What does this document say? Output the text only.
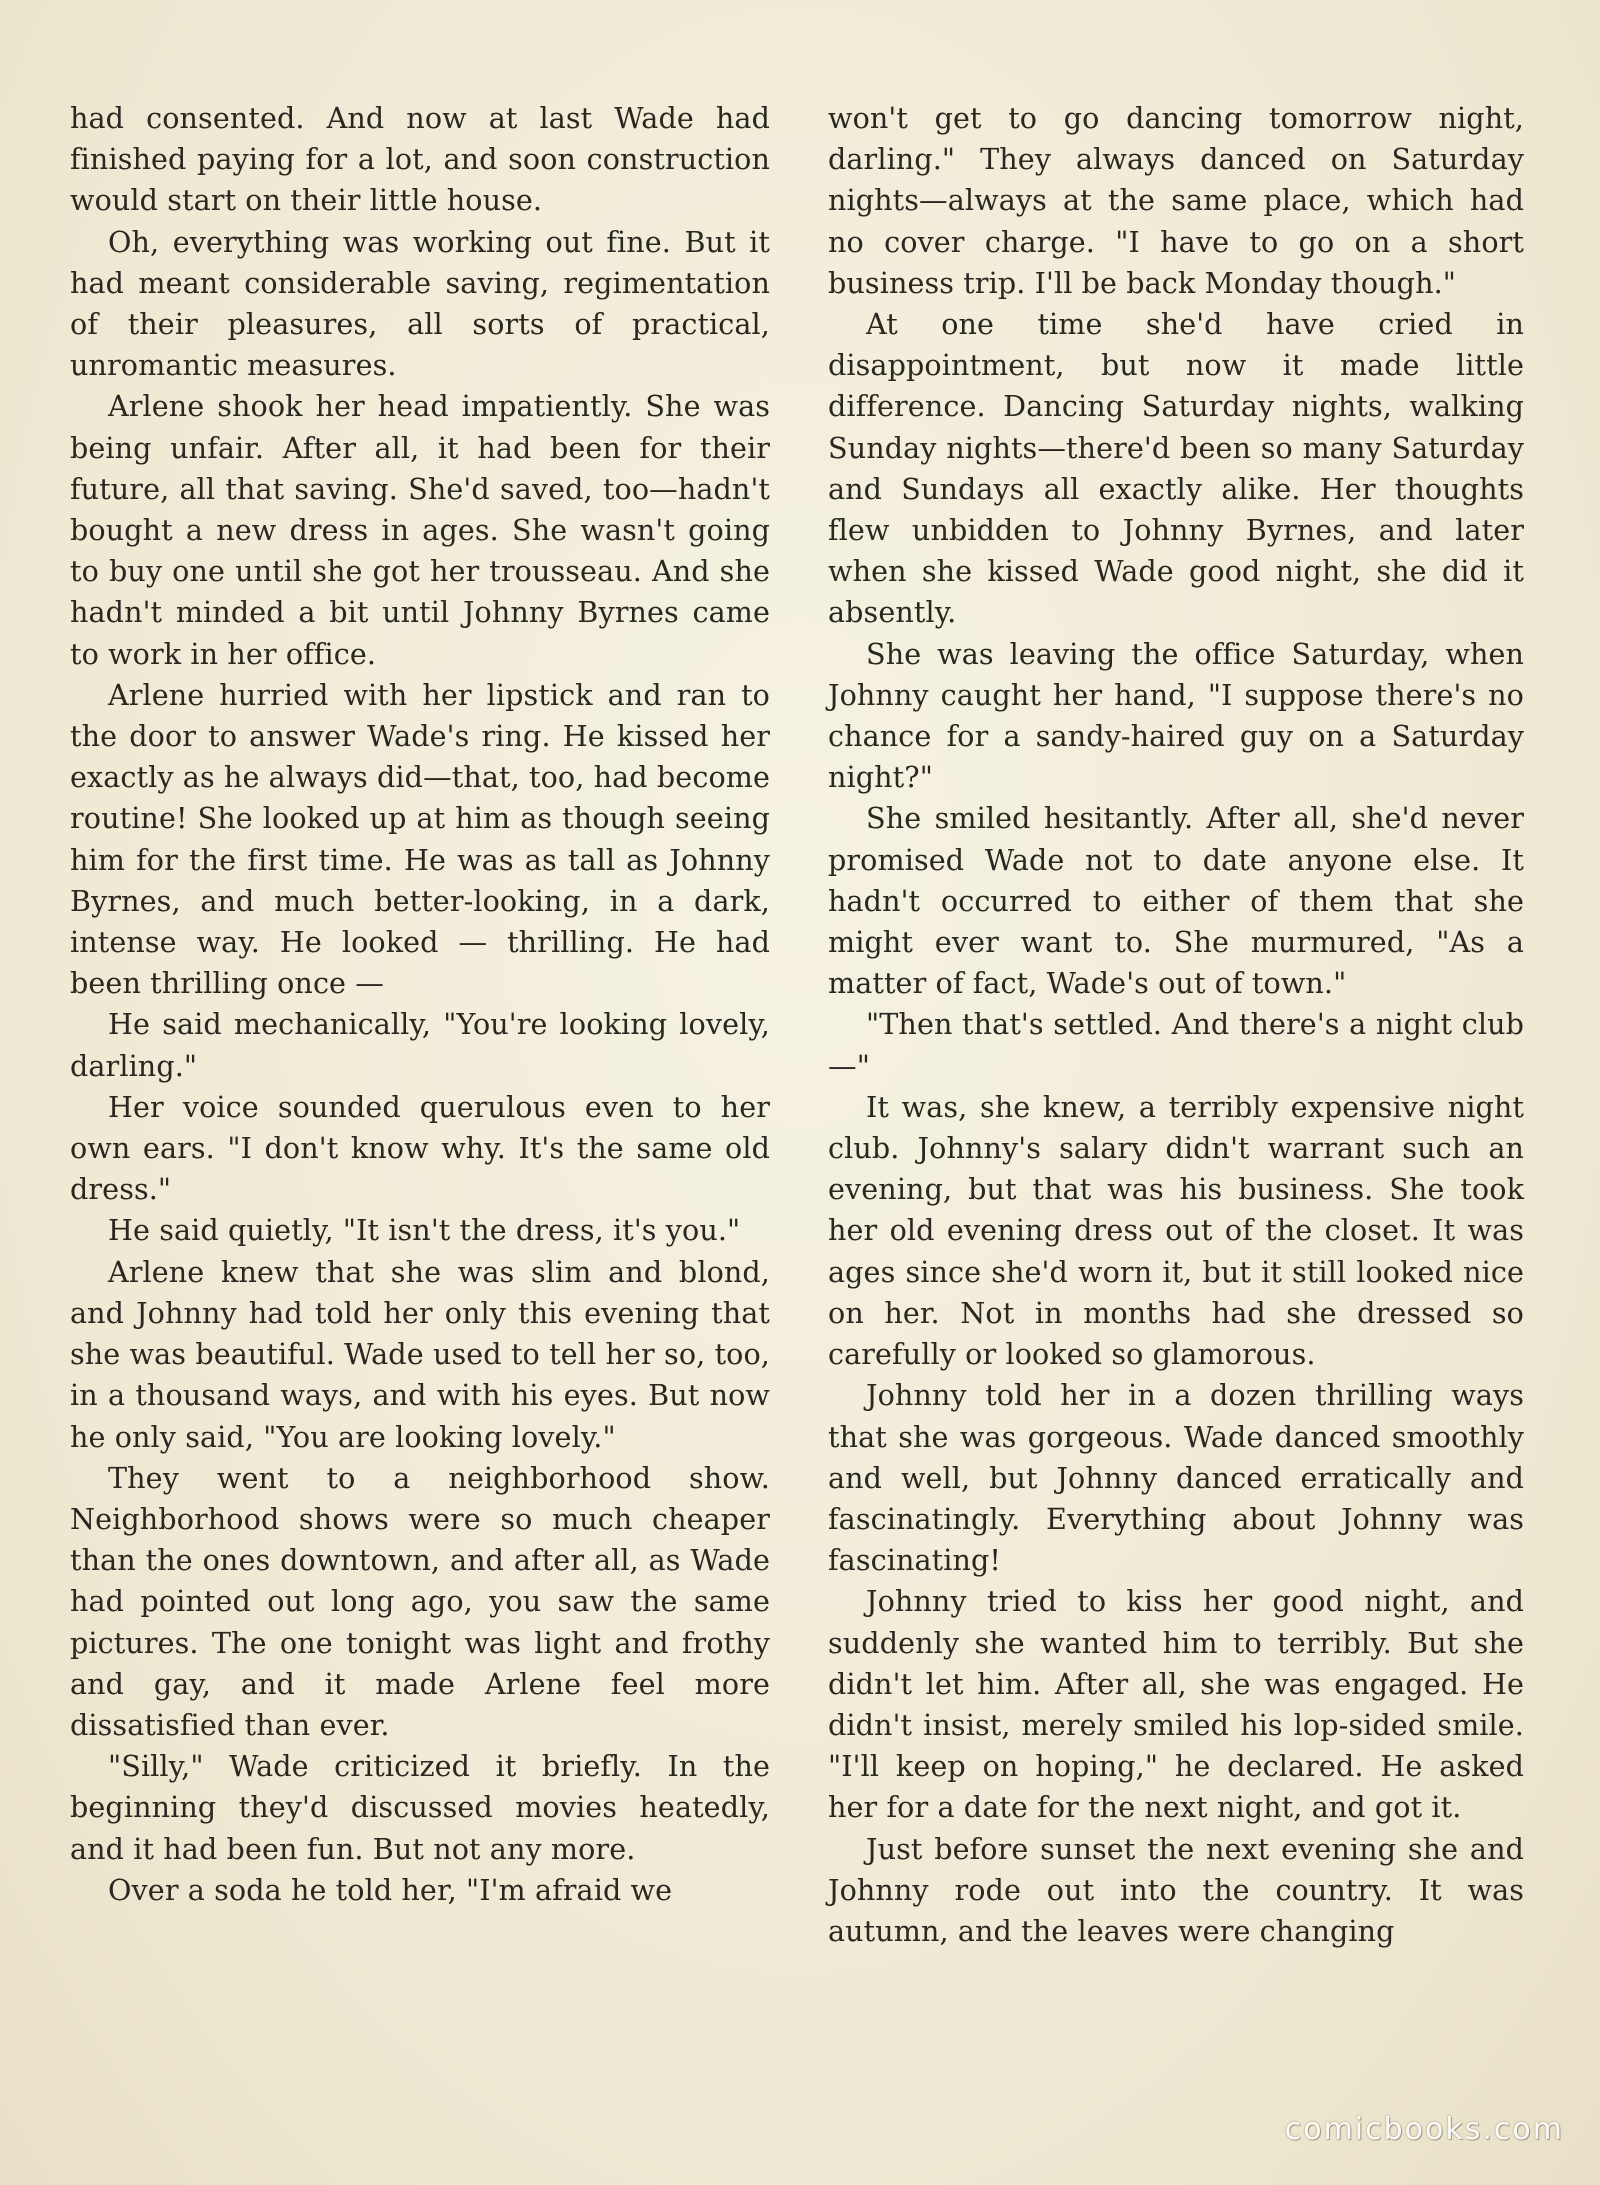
had consented. And now at last Wade had finished paying for a lot, and soon construction would start on their little house.

Oh, everything was working out fine. But it had meant considerable saving, regimentation of their pleasures, all sorts of practical, unromantic measures.

Arlene shook her head impatiently. She was being unfair. After all, it had been for their future, all that saving. She'd saved, too—hadn't bought a new dress in ages. She wasn't going to buy one until she got her trousseau. And she hadn't minded a bit until Johnny Byrnes came to work in her office.

Arlene hurried with her lipstick and ran to the door to answer Wade's ring. He kissed her exactly as he always did—that, too, had become routine! She looked up at him as though seeing him for the first time. He was as tall as Johnny Byrnes, and much better-looking, in a dark, intense way. He looked — thrilling. He had been thrilling once —

He said mechanically, "You're looking lovely, darling."

Her voice sounded querulous even to her own ears. "I don't know why. It's the same old dress."

He said quietly, "It isn't the dress, it's you."

Arlene knew that she was slim and blond, and Johnny had told her only this evening that she was beautiful. Wade used to tell her so, too, in a thousand ways, and with his eyes. But now he only said, "You are looking lovely."

They went to a neighborhood show. Neighborhood shows were so much cheaper than the ones downtown, and after all, as Wade had pointed out long ago, you saw the same pictures. The one tonight was light and frothy and gay, and it made Arlene feel more dissatisfied than ever.

"Silly," Wade criticized it briefly. In the beginning they'd discussed movies heatedly, and it had been fun. But not any more.

Over a soda he told her, "I'm afraid we

won't get to go dancing tomorrow night, darling." They always danced on Saturday nights—always at the same place, which had no cover charge. "I have to go on a short business trip. I'll be back Monday though."

At one time she'd have cried in disappointment, but now it made little difference. Dancing Saturday nights, walking Sunday nights—there'd been so many Saturday and Sundays all exactly alike. Her thoughts flew unbidden to Johnny Byrnes, and later when she kissed Wade good night, she did it absently.

She was leaving the office Saturday, when Johnny caught her hand, "I suppose there's no chance for a sandy-haired guy on a Saturday night?"

She smiled hesitantly. After all, she'd never promised Wade not to date anyone else. It hadn't occurred to either of them that she might ever want to. She murmured, "As a matter of fact, Wade's out of town."

"Then that's settled. And there's a night club—"

It was, she knew, a terribly expensive night club. Johnny's salary didn't warrant such an evening, but that was his business. She took her old evening dress out of the closet. It was ages since she'd worn it, but it still looked nice on her. Not in months had she dressed so carefully or looked so glamorous.

Johnny told her in a dozen thrilling ways that she was gorgeous. Wade danced smoothly and well, but Johnny danced erratically and fascinatingly. Everything about Johnny was fascinating!

Johnny tried to kiss her good night, and suddenly she wanted him to terribly. But she didn't let him. After all, she was engaged. He didn't insist, merely smiled his lop-sided smile. "I'll keep on hoping," he declared. He asked her for a date for the next night, and got it.

Just before sunset the next evening she and Johnny rode out into the country. It was autumn, and the leaves were changing

comicbooks.com
